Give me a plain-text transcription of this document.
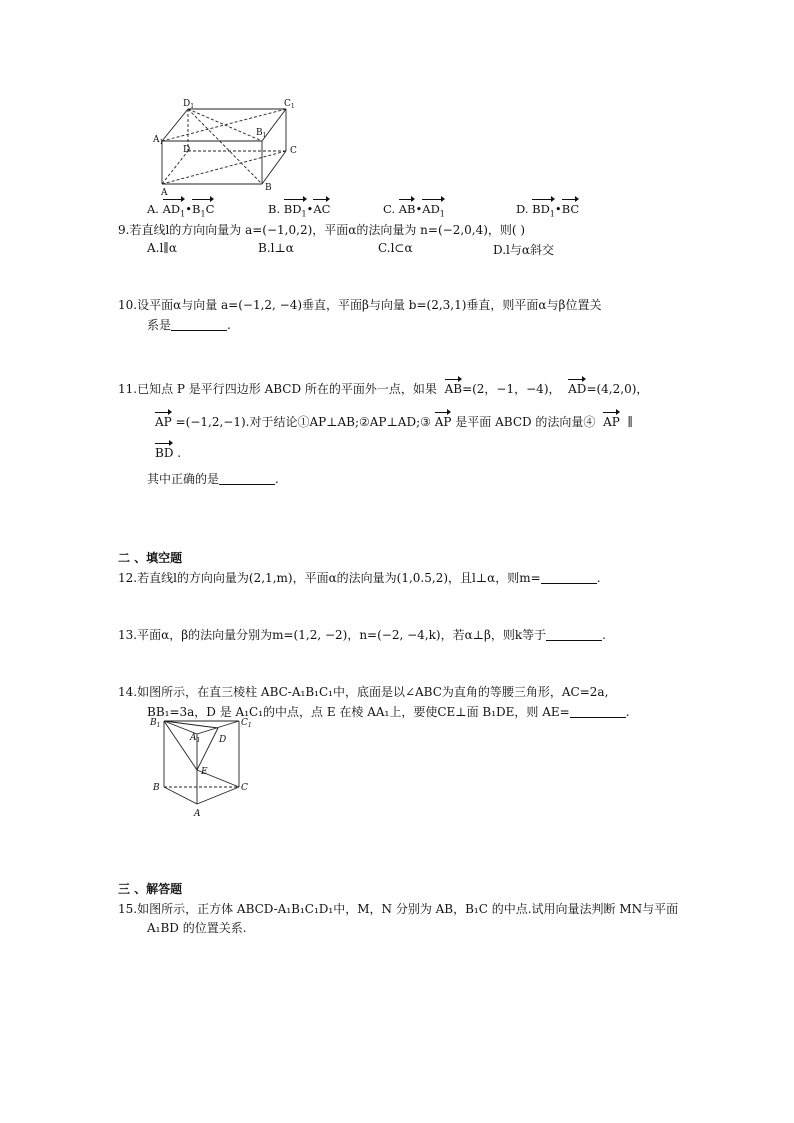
$D_1$	$C_1$
$A_1$
$B_1$
D	C
A	B
A. $AD_1•B_1C$	B. $BD_1•AC$	C. $AB•AD_1$	D. $BD_1•BC$
9.若直线l的方向向量为 a=(−1,0,2)，平面α的法向量为 n=(−2,0,4)，则( )
A.l∥α	B.l⊥α	C.l⊂α	D.l与α斜交
10.设平面α与向量 a=(−1,2, −4)垂直，平面β与向量 b=(2,3,1)垂直，则平面α与β位置关
系是	.
11.已知点 P 是平行四边形 ABCD 所在的平面外一点，如果 AB=(2，−1，−4)， AD=(4,2,0)，
AP =(−1,2,−1).对于结论①AP⊥AB;②AP⊥AD;③ AP 是平面 ABCD 的法向量④ AP ∥
BD .
其中正确的是	.
二 、填空题
12.若直线l的方向向量为(2,1,m)，平面α的法向量为(1,0.5,2)，且l⊥α，则m=	.
13.平面α，β的法向量分别为m=(1,2, −2)，n=(−2, −4,k)，若α⊥β，则k等于	.
14.如图所示，在直三棱柱 ABC-A₁B₁C₁中，底面是以∠ABC为直角的等腰三角形，AC=2a,
BB₁=3a，D 是 A₁C₁的中点，点 E 在棱 AA₁上，要使CE⊥面 B₁DE，则 AE=	.
$B_1$	$C_1$
$A_1$ D
E
B	C
A
三 、解答题
15.如图所示，正方体 ABCD-A₁B₁C₁D₁中，M，N 分别为 AB，B₁C 的中点.试用向量法判断 MN与平面
A₁BD 的位置关系.
